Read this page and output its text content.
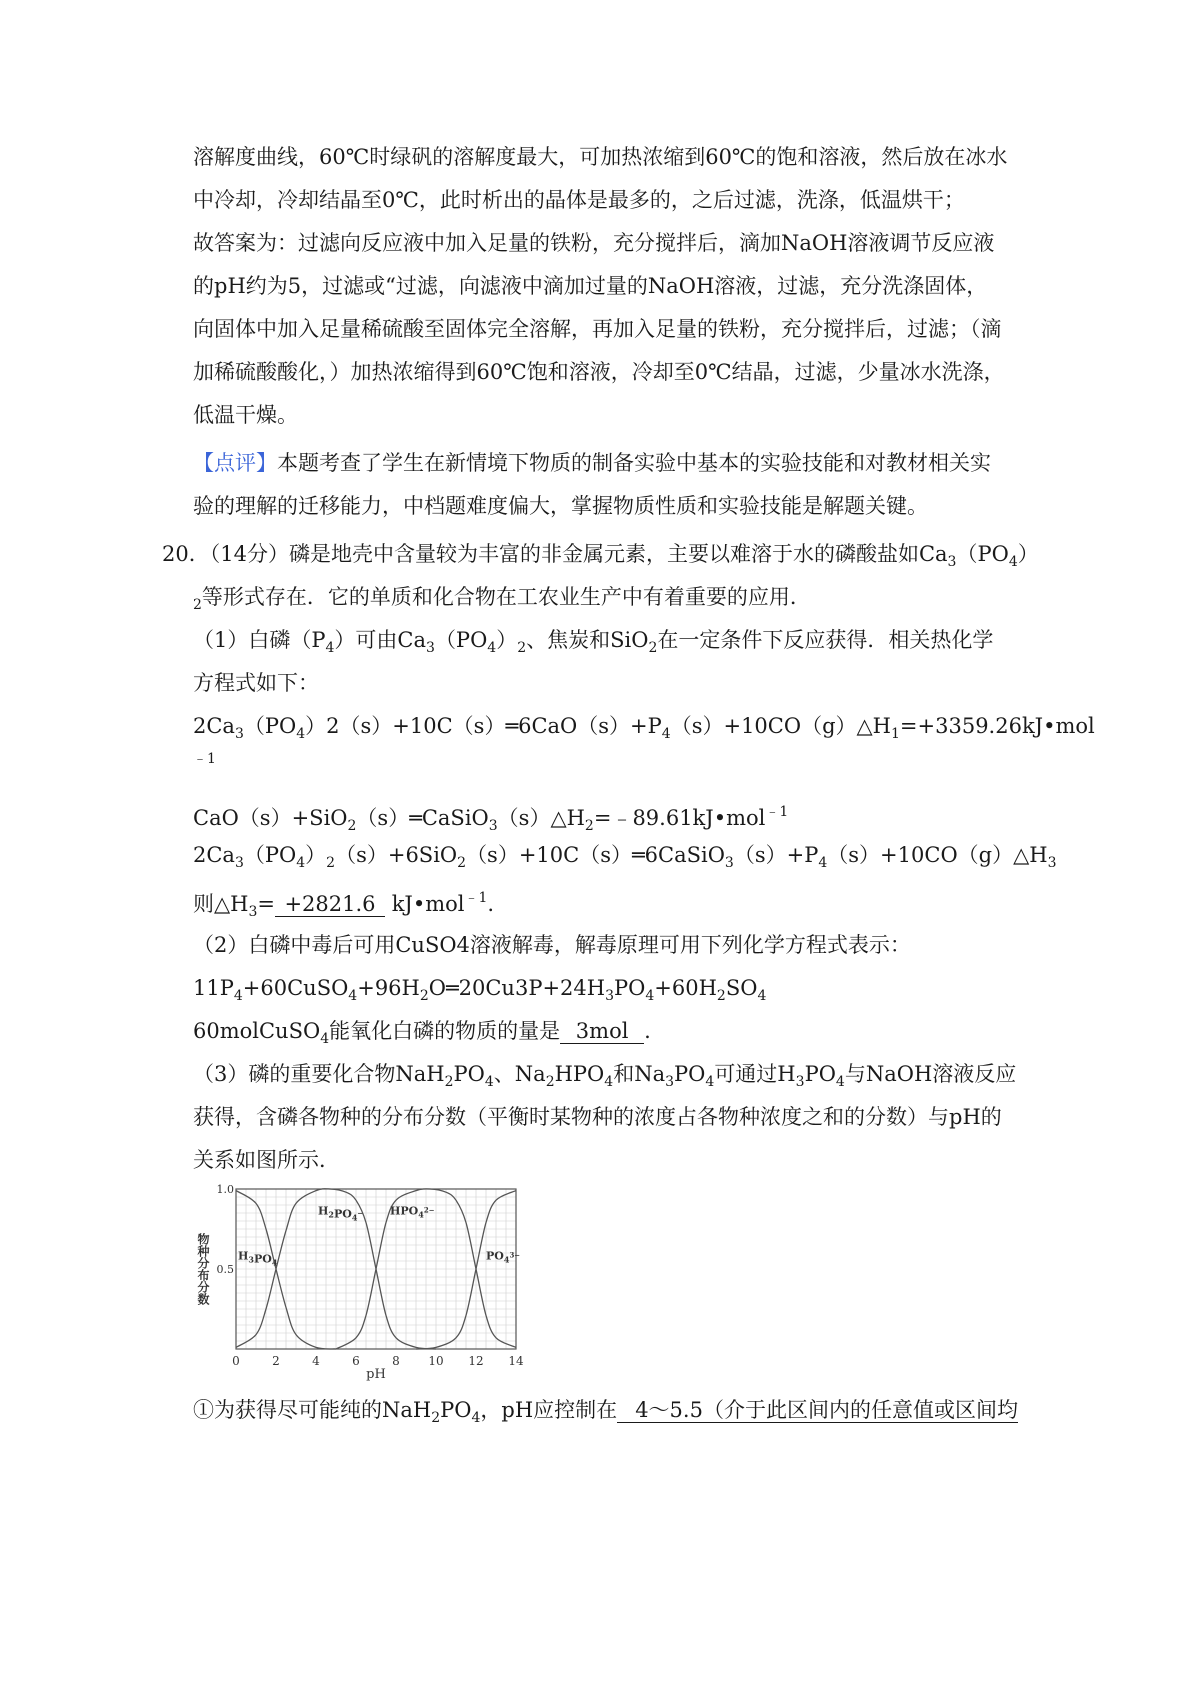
溶解度曲线，60℃时绿矾的溶解度最大，可加热浓缩到60℃的饱和溶液，然后放在冰水
中冷却，冷却结晶至0℃，此时析出的晶体是最多的，之后过滤，洗涤，低温烘干；
故答案为：过滤向反应液中加入足量的铁粉，充分搅拌后，滴加NaOH溶液调节反应液
的pH约为5，过滤或“过滤，向滤液中滴加过量的NaOH溶液，过滤，充分洗涤固体，
向固体中加入足量稀硫酸至固体完全溶解，再加入足量的铁粉，充分搅拌后，过滤；（滴
加稀硫酸酸化，）加热浓缩得到60℃饱和溶液，冷却至0℃结晶，过滤，少量冰水洗涤，
低温干燥。
【点评】本题考查了学生在新情境下物质的制备实验中基本的实验技能和对教材相关实
验的理解的迁移能力，中档题难度偏大，掌握物质性质和实验技能是解题关键。
20．（14分）磷是地壳中含量较为丰富的非金属元素，主要以难溶于水的磷酸盐如$Ca_3(PO_4)$
$_2$等形式存在．它的单质和化合物在工农业生产中有着重要的应用．
（1）白磷$(P_4)$可由$Ca_3(PO_4)_2$、焦炭和SiO$_2$在一定条件下反应获得．相关热化学
方程式如下：
$2Ca_3(PO_4)2(s)+10C(s)═6CaO(s)+P_4(s)+10CO(g)\triangle H_1=+3359.26kJ•mol$
﹣1
$CaO(s)+SiO_2(s)═CaSiO_3(s)\triangle H_2=﹣89.61kJ•mol^{﹣1}$
$2Ca_3(PO_4)_2(s)+6SiO_2(s)+10C(s)═6CaSiO_3(s)+P_4(s)+10CO(g)\triangle H_3$
则$\triangle H_3= +2821.6$ kJ•mol$^{﹣1}$.
（2）白磷中毒后可用CuSO4溶液解毒，解毒原理可用下列化学方程式表示：
$11P_4+60CuSO_4+96H_2O═20Cu3P+24H_3PO_4+60H_2SO_4$
60molCuSO$_4$能氧化白磷的物质的量是 3mol .
（3）磷的重要化合物$NaH_2PO_4$、$Na_2HPO_4$和$Na_3PO_4$可通过$H_3PO_4$与NaOH溶液反应
获得，含磷各物种的分布分数（平衡时某物种的浓度占各物种浓度之和的分数）与pH的
关系如图所示．
0	2	4	6	8 10 12 14
0.5
1.0
$H_3PO_4$
$H_2PO_4^-$ $HPO_4^{2-}$
$PO_4^{3-}$
pH
物种分布分数
①为获得尽可能纯的$NaH_2PO_4$，pH应控制在 4～5.5（介于此区间内的任意值或区间均
